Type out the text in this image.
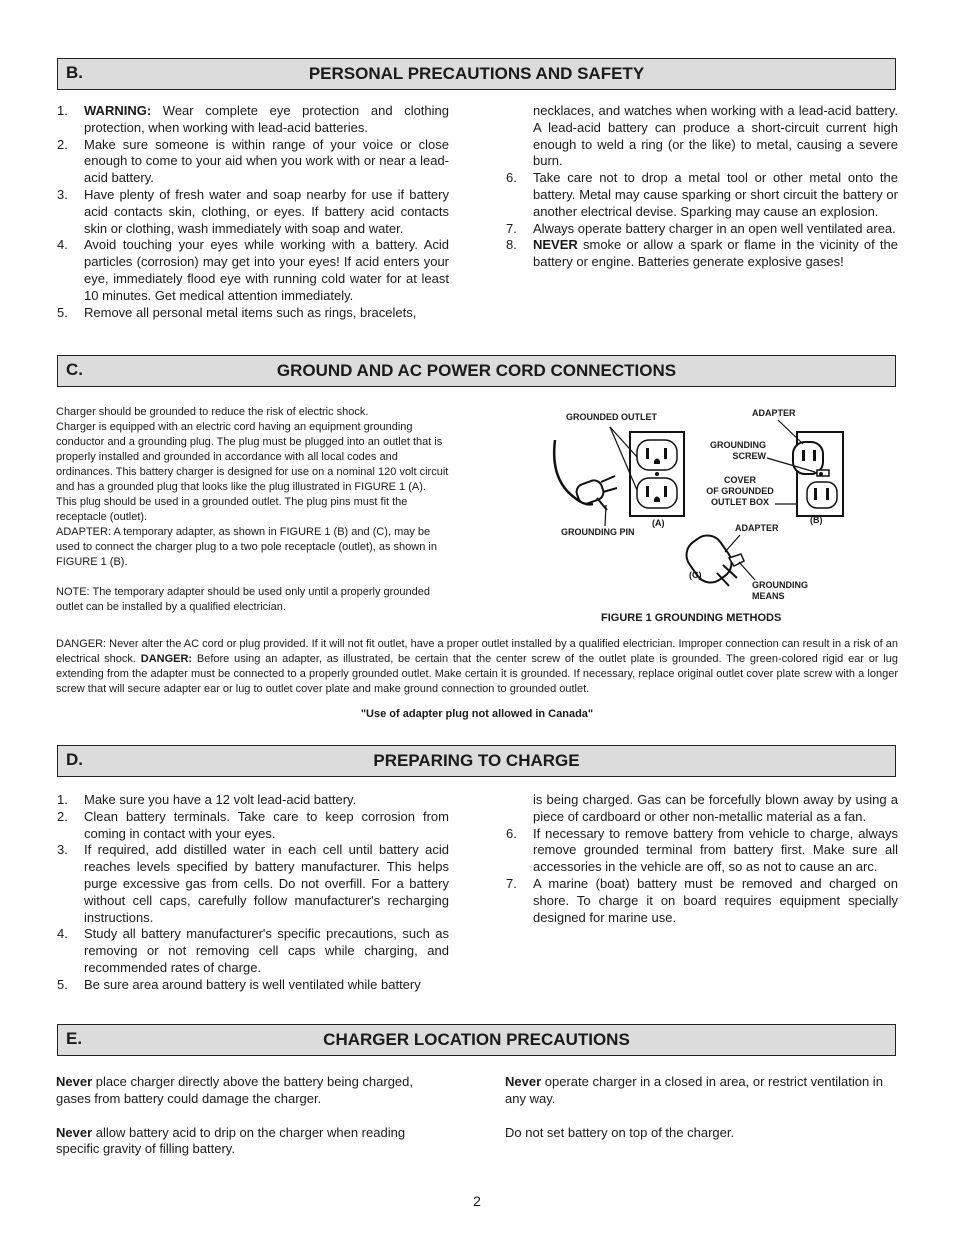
B.	PERSONAL PRECAUTIONS AND SAFETY
1. WARNING: Wear complete eye protection and clothing protection, when working with lead-acid batteries.
2. Make sure someone is within range of your voice or close enough to come to your aid when you work with or near a lead-acid battery.
3. Have plenty of fresh water and soap nearby for use if battery acid contacts skin, clothing, or eyes. If battery acid contacts skin or clothing, wash immediately with soap and water.
4. Avoid touching your eyes while working with a battery. Acid particles (corrosion) may get into your eyes! If acid enters your eye, immediately flood eye with running cold water for at least 10 minutes. Get medical attention immediately.
5. Remove all personal metal items such as rings, bracelets,
necklaces, and watches when working with a lead-acid battery. A lead-acid battery can produce a short-circuit current high enough to weld a ring (or the like) to metal, causing a severe burn.
6. Take care not to drop a metal tool or other metal onto the battery. Metal may cause sparking or short circuit the battery or another electrical devise. Sparking may cause an explosion.
7. Always operate battery charger in an open well ventilated area.
8. NEVER smoke or allow a spark or flame in the vicinity of the battery or engine. Batteries generate explosive gases!
C.	GROUND AND AC POWER CORD CONNECTIONS
Charger should be grounded to reduce the risk of electric shock.
Charger is equipped with an electric cord having an equipment grounding conductor and a grounding plug. The plug must be plugged into an outlet that is properly installed and grounded in accordance with all local codes and ordinances. This battery charger is designed for use on a nominal 120 volt circuit and has a grounded plug that looks like the plug illustrated in FIGURE 1 (A). This plug should be used in a grounded outlet. The plug pins must fit the receptacle (outlet).
ADAPTER: A temporary adapter, as shown in FIGURE 1 (B) and (C), may be used to connect the charger plug to a two pole receptacle (outlet), as shown in FIGURE 1 (B).
NOTE: The temporary adapter should be used only until a properly grounded outlet can be installed by a qualified electrician.
GROUNDED OUTLET
GROUNDING PIN
(A)
ADAPTER
GROUNDING
SCREW
COVER
OF GROUNDED
OUTLET BOX
(B)
ADAPTER
(C)
GROUNDING
MEANS
FIGURE 1 GROUNDING METHODS
DANGER: Never alter the AC cord or plug provided. If it will not fit outlet, have a proper outlet installed by a qualified electrician. Improper connection can result in a risk of an electrical shock. DANGER: Before using an adapter, as illustrated, be certain that the center screw of the outlet plate is grounded. The green-colored rigid ear or lug extending from the adapter must be connected to a properly grounded outlet. Make certain it is grounded. If necessary, replace original outlet cover plate screw with a longer screw that will secure adapter ear or lug to outlet cover plate and make ground connection to grounded outlet.
"Use of adapter plug not allowed in Canada"
D.	PREPARING TO CHARGE
1. Make sure you have a 12 volt lead-acid battery.
2. Clean battery terminals. Take care to keep corrosion from coming in contact with your eyes.
3. If required, add distilled water in each cell until battery acid reaches levels specified by battery manufacturer. This helps purge excessive gas from cells. Do not overfill. For a battery without cell caps, carefully follow manufacturer's recharging instructions.
4. Study all battery manufacturer's specific precautions, such as removing or not removing cell caps while charging, and recommended rates of charge.
5. Be sure area around battery is well ventilated while battery
is being charged. Gas can be forcefully blown away by using a piece of cardboard or other non-metallic material as a fan.
6. If necessary to remove battery from vehicle to charge, always remove grounded terminal from battery first. Make sure all accessories in the vehicle are off, so as not to cause an arc.
7. A marine (boat) battery must be removed and charged on shore. To charge it on board requires equipment specially designed for marine use.
E.	CHARGER LOCATION PRECAUTIONS

Never place charger directly above the battery being charged, gases from battery could damage the charger.

Never allow battery acid to drip on the charger when reading specific gravity of filling battery.

Never operate charger in a closed in area, or restrict ventilation in any way.

Do not set battery on top of the charger.

2
